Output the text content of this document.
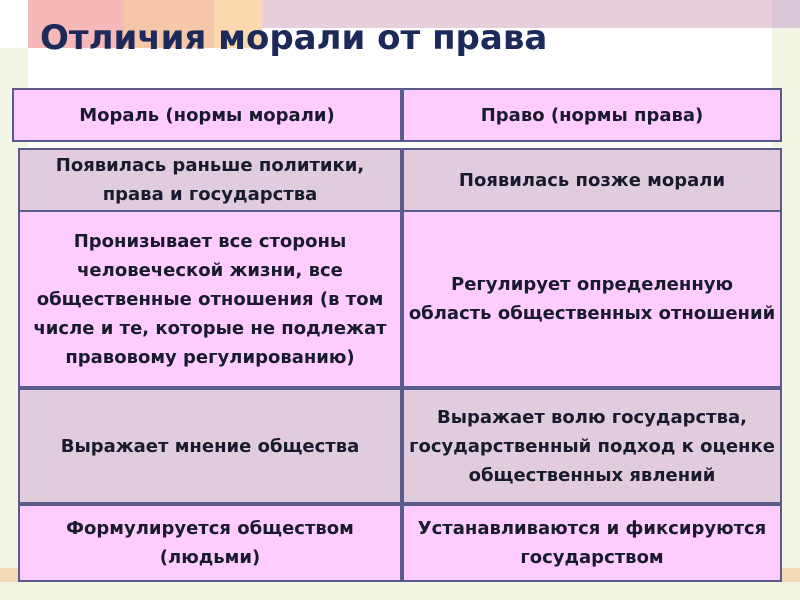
Отличия морали от права
Мораль (нормы морали)	Право (нормы права)
Появилась раньше политики, права и государства
Появилась позже морали
Пронизывает все стороны человеческой жизни, все общественные отношения (в том числе и те, которые не подлежат правовому регулированию)
Регулирует определенную область общественных отношений
Выражает мнение общества
Выражает волю государства, государственный подход к оценке общественных явлений
Формулируется обществом (людьми)
Устанавливаются и фиксируются государством
